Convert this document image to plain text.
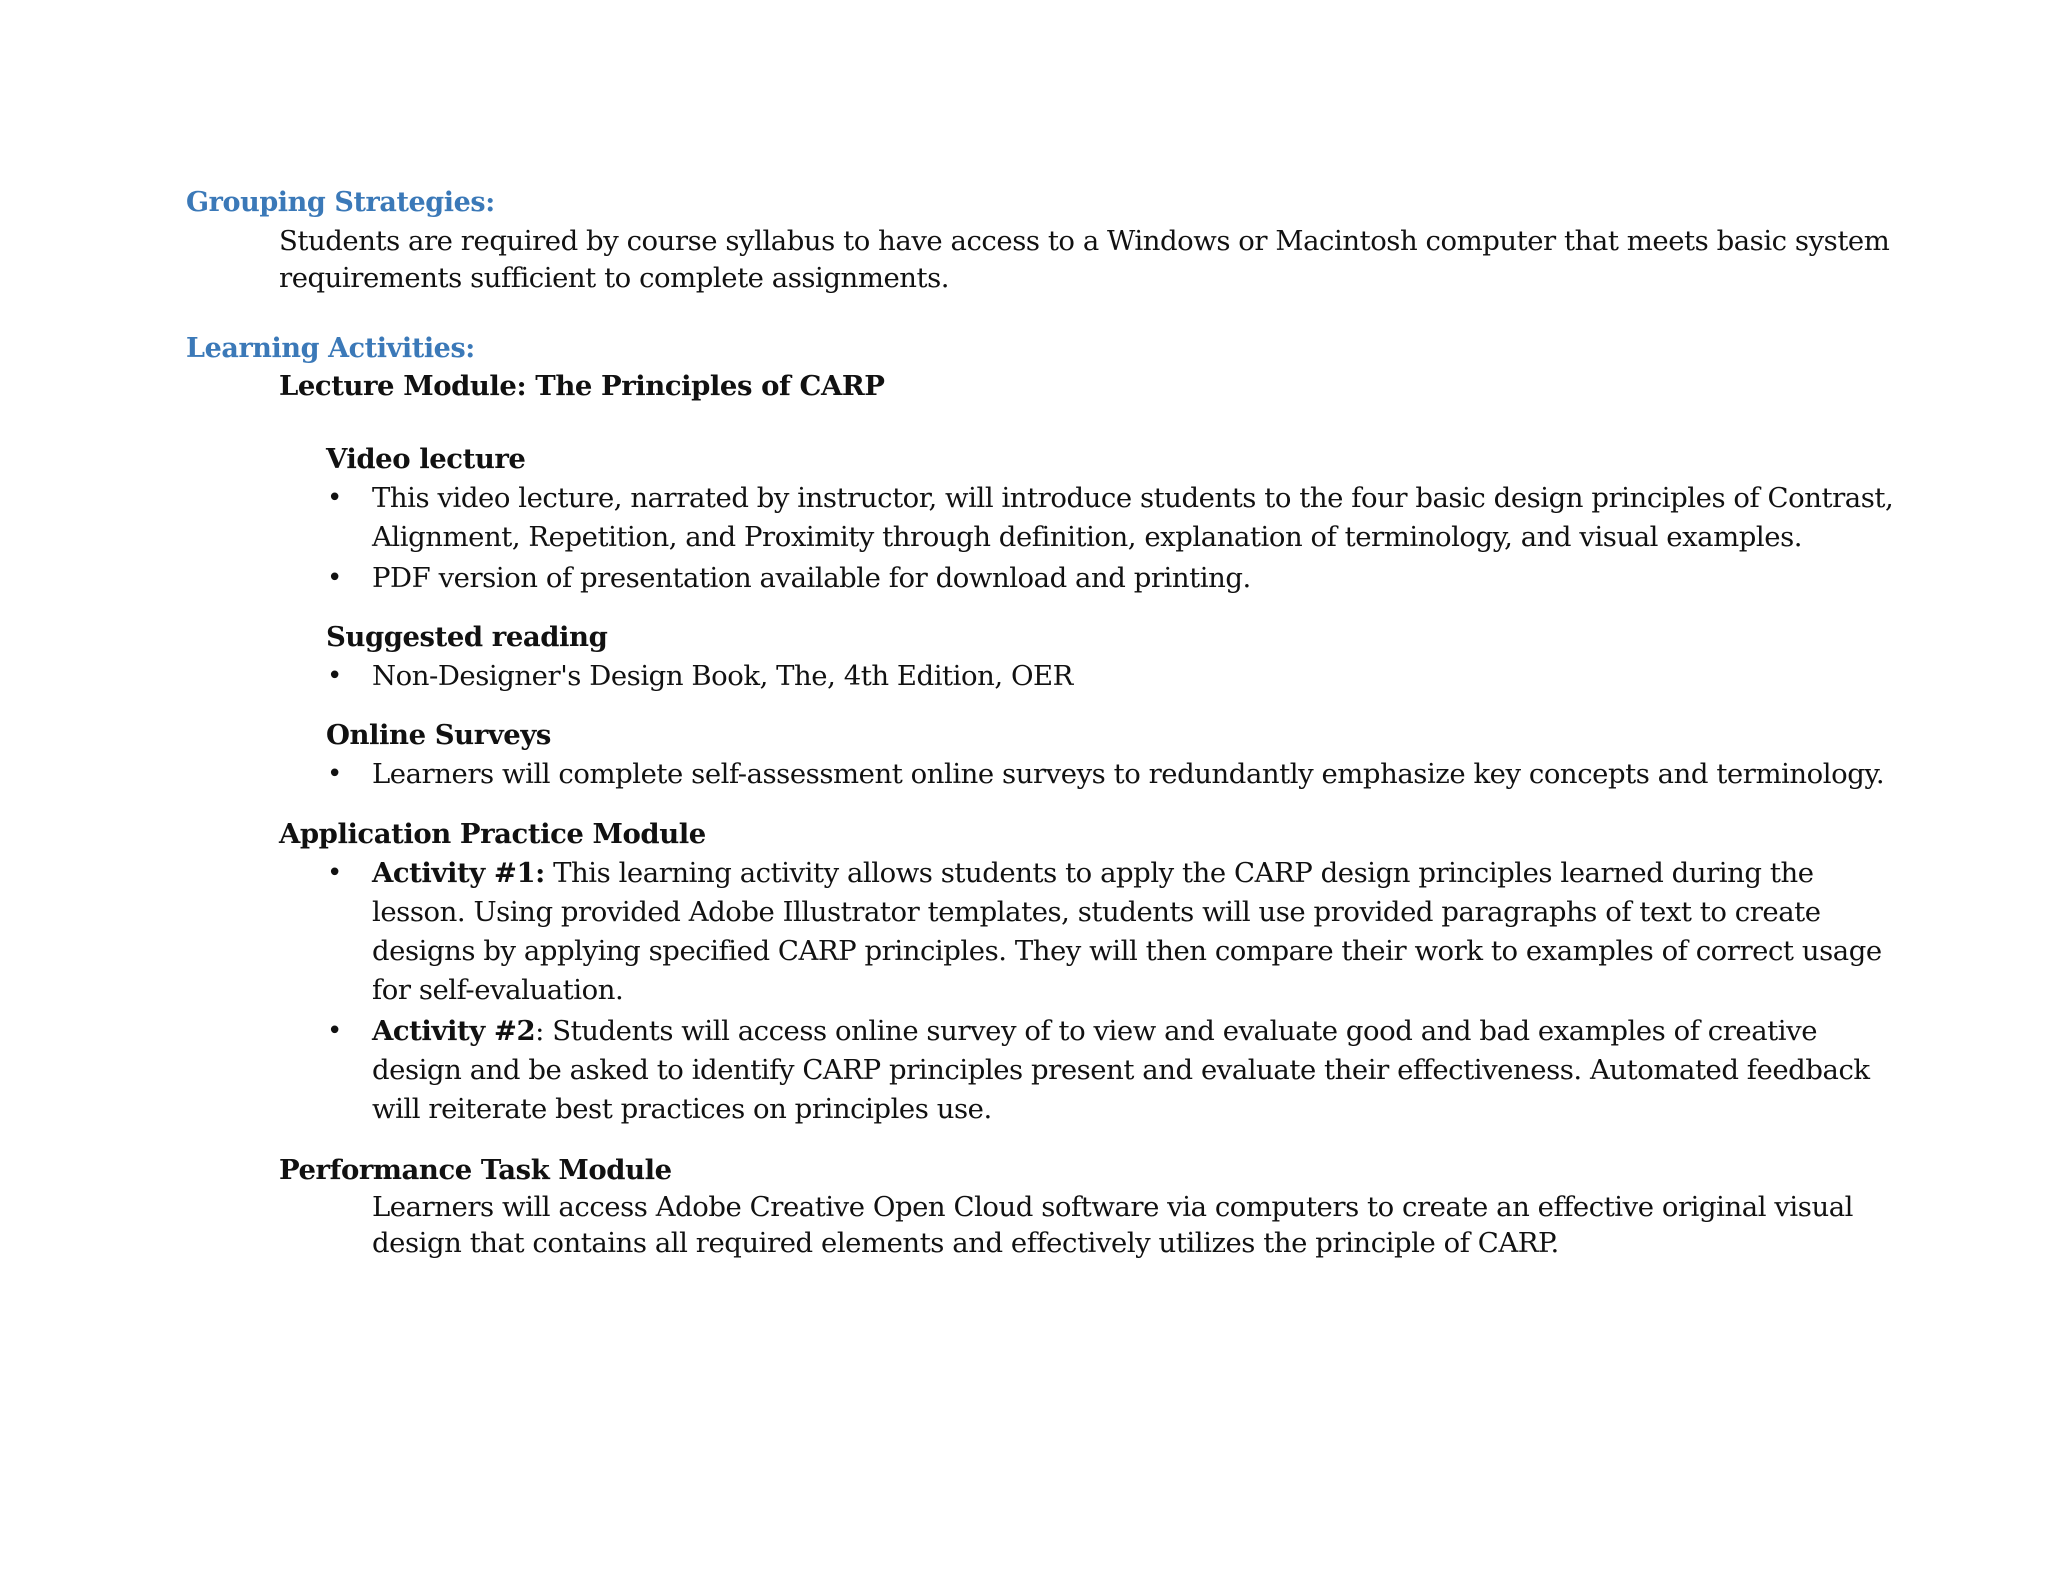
Grouping Strategies:
Students are required by course syllabus to have access to a Windows or Macintosh computer that meets basic system
requirements sufficient to complete assignments.
Learning Activities:
Lecture Module: The Principles of CARP
Video lecture
• This video lecture, narrated by instructor, will introduce students to the four basic design principles of Contrast,
Alignment, Repetition, and Proximity through definition, explanation of terminology, and visual examples.
• PDF version of presentation available for download and printing.
Suggested reading
• Non-Designer's Design Book, The, 4th Edition, OER
Online Surveys
• Learners will complete self-assessment online surveys to redundantly emphasize key concepts and terminology.
Application Practice Module
• Activity #1: This learning activity allows students to apply the CARP design principles learned during the
lesson. Using provided Adobe Illustrator templates, students will use provided paragraphs of text to create
designs by applying specified CARP principles. They will then compare their work to examples of correct usage
for self-evaluation.
• Activity #2: Students will access online survey of to view and evaluate good and bad examples of creative
design and be asked to identify CARP principles present and evaluate their effectiveness. Automated feedback
will reiterate best practices on principles use.
Performance Task Module
Learners will access Adobe Creative Open Cloud software via computers to create an effective original visual
design that contains all required elements and effectively utilizes the principle of CARP.
